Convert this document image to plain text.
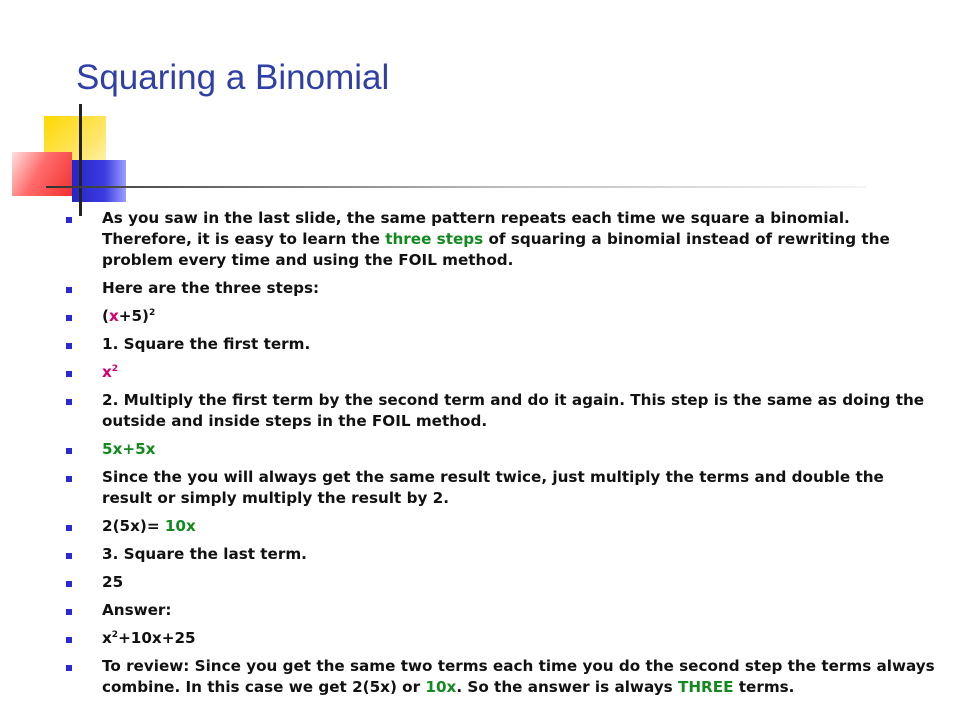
Squaring a Binomial
As you saw in the last slide, the same pattern repeats each time we square a binomial. Therefore, it is easy to learn the three steps of squaring a binomial instead of rewriting the problem every time and using the FOIL method.
Here are the three steps:
$(x+5)^2$
1. Square the first term.
$x^2$
2. Multiply the first term by the second term and do it again. This step is the same as doing the outside and inside steps in the FOIL method.
5x+5x
Since the you will always get the same result twice, just multiply the terms and double the result or simply multiply the result by 2.
2(5x)= 10x
3. Square the last term.
25
Answer:
$x^2+10x+25$
To review: Since you get the same two terms each time you do the second step the terms always combine. In this case we get 2(5x) or 10x. So the answer is always THREE terms.
